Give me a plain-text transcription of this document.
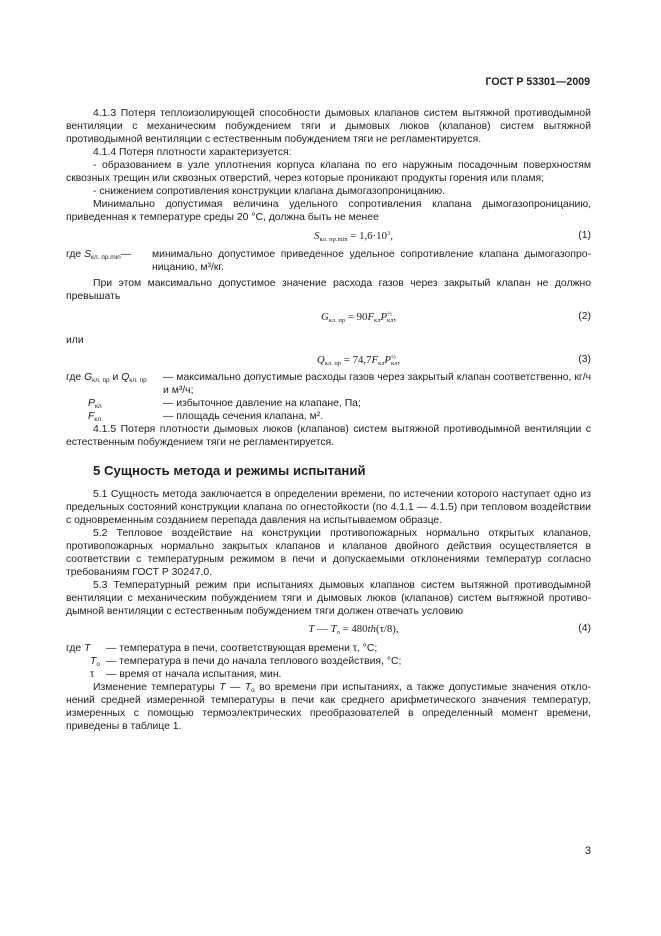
ГОСТ Р 53301—2009

4.1.3 Потеря теплоизолирующей способности дымовых клапанов систем вытяжной противодымной вентиляции с механическим побуждением тяги и дымовых люков (клапанов) систем вытяжной противодымной вентиляции с естественным побуждением тяги не регламентируется.

4.1.4 Потеря плотности характеризуется:

- образованием в узле уплотнения корпуса клапана по его наружным посадочным поверхностям сквозных трещин или сквозных отверстий, через которые проникают продукты горения или пламя;

- снижением сопротивления конструкции клапана дымогазопроницанию.

Минимально допустимая величина удельного сопротивления клапана дымогазопроницанию, приведенная к температуре среды 20 °С, должна быть не менее

$S_{кл. пр.min} = 1,6\cdot 10^3$,	(1)
где $S_{кл. пр.min}—$	минимально допустимое приведенное удельное сопротивление клапана дымогазопроницанию, м³/кг.

При этом максимально допустимое значение расхода газов через закрытый клапан не должно превышать

$G_{кл. пр} = 90F_{кл}P^{\frac{1}{2}}_{кл}$,	(2)

или

$Q_{кл. пр} = 74,7F_{кл}P^{\frac{1}{2}}_{кл}$,	(3)
где $G_{кл. пр}$ и $Q_{кл. пр}$	— максимально допустимые расходы газов через закрытый клапан соответственно, кг/ч и м³/ч;

$P_{кл}$	— избыточное давление на клапане, Па;

$F_{кл}$	— площадь сечения клапана, м².

4.1.5 Потеря плотности дымовых люков (клапанов) систем вытяжной противодымной вентиляции с естественным побуждением тяги не регламентируется.

5 Сущность метода и режимы испытаний

5.1 Сущность метода заключается в определении времени, по истечении которого наступает одно из предельных состояний конструкции клапана по огнестойкости (по 4.1.1 — 4.1.5) при тепловом воздействии с одновременным созданием перепада давления на испытываемом образце.

5.2 Тепловое воздействие на конструкции противопожарных нормально открытых клапанов, противопожарных нормально закрытых клапанов и клапанов двойного действия осуществляется в соответствии с температурным режимом в печи и допускаемыми отклонениями температур согласно требованиям ГОСТ Р 30247.0.

5.3 Температурный режим при испытаниях дымовых клапанов систем вытяжной противодымной вентиляции с механическим побуждением тяги и дымовых люков (клапанов) систем вытяжной противодымной вентиляции с естественным побуждением тяги должен отвечать условию

T — $T_о = 480th(\tau/8)$,	(4)
где T	— температура в печи, соответствующая времени τ, °С;

$T_о$ — температура в печи до начала теплового воздействия, °С;

τ	— время от начала испытания, мин.

Изменение температуры T — $T_о$ во времени при испытаниях, а также допустимые значения отклонений средней измеренной температуры в печи как среднего арифметического значения температур, измеренных с помощью термоэлектрических преобразователей в определенный момент времени, приведены в таблице 1.

3
